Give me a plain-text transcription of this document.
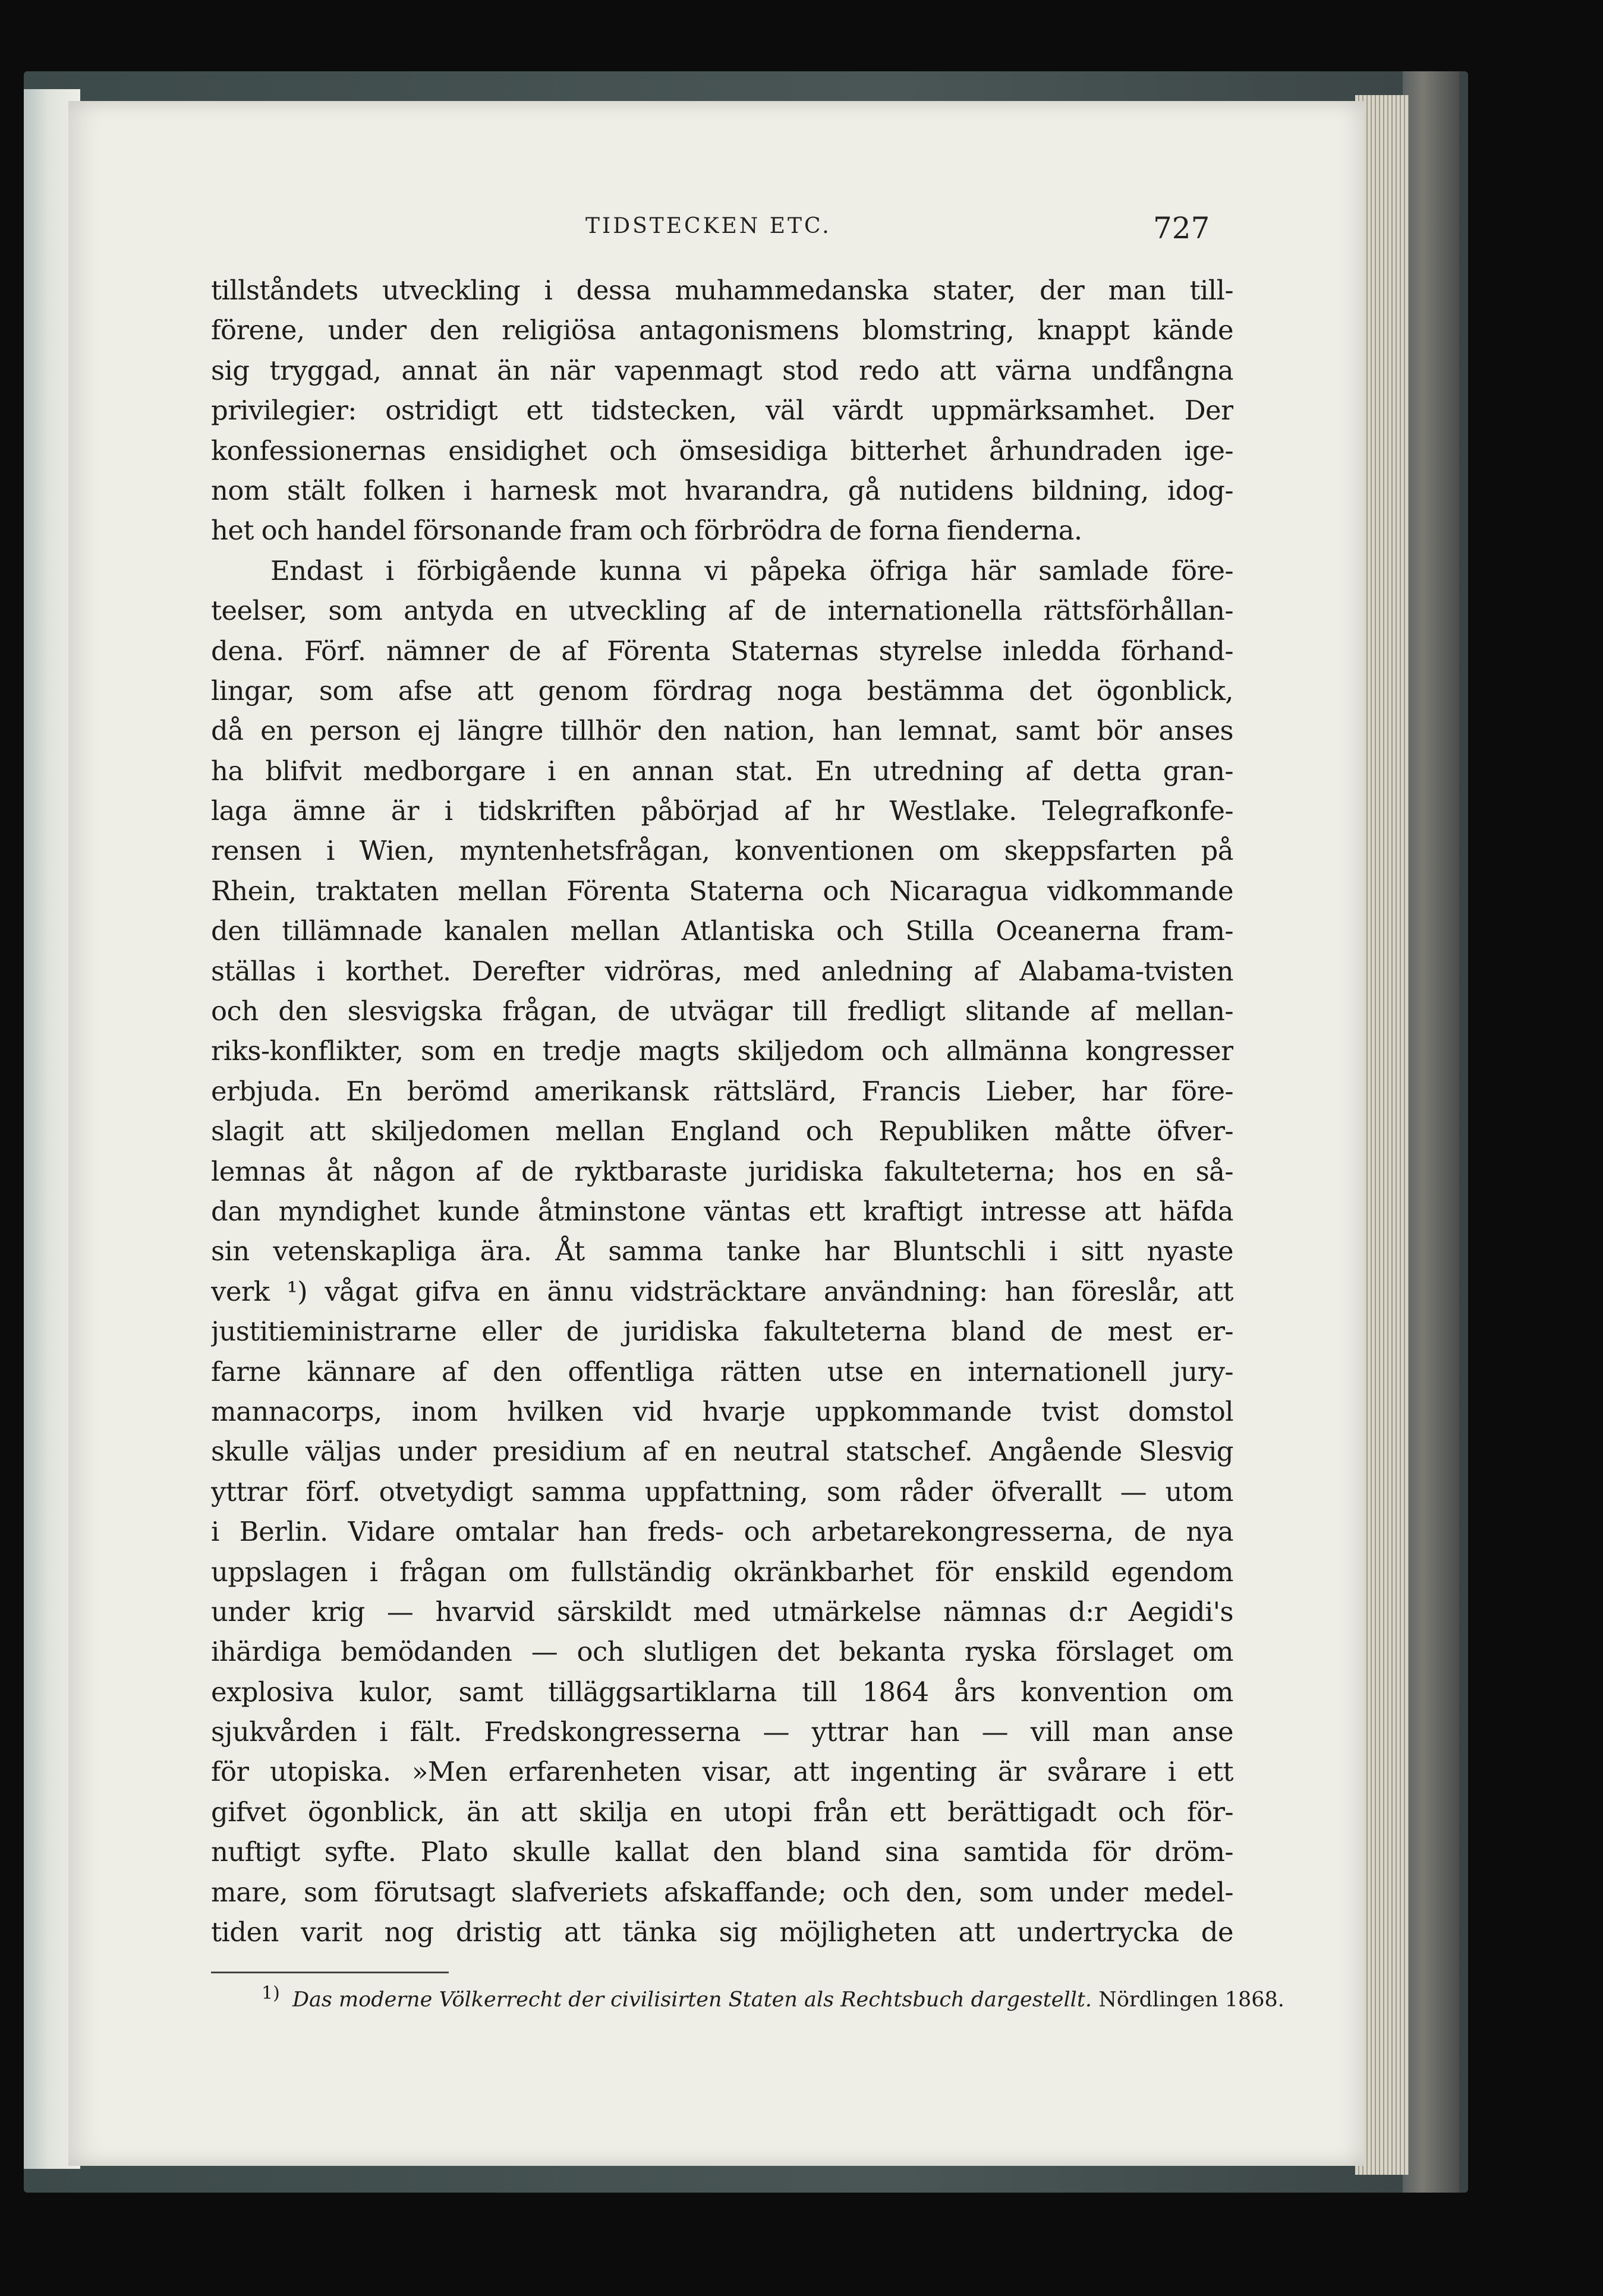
TIDSTECKEN ETC.	727
tillståndets utveckling i dessa muhammedanska stater, der man till-
förene, under den religiösa antagonismens blomstring, knappt kände
sig tryggad, annat än när vapenmagt stod redo att värna undfångna
privilegier: ostridigt ett tidstecken, väl värdt uppmärksamhet. Der
konfessionernas ensidighet och ömsesidiga bitterhet århundraden ige-
nom stält folken i harnesk mot hvarandra, gå nutidens bildning, idog-
het och handel försonande fram och förbrödra de forna fienderna.
Endast i förbigående kunna vi påpeka öfriga här samlade före-
teelser, som antyda en utveckling af de internationella rättsförhållan-
dena. Förf. nämner de af Förenta Staternas styrelse inledda förhand-
lingar, som afse att genom fördrag noga bestämma det ögonblick,
då en person ej längre tillhör den nation, han lemnat, samt bör anses
ha blifvit medborgare i en annan stat. En utredning af detta gran-
laga ämne är i tidskriften påbörjad af hr Westlake. Telegrafkonfe-
rensen i Wien, myntenhetsfrågan, konventionen om skeppsfarten på
Rhein, traktaten mellan Förenta Staterna och Nicaragua vidkommande
den tillämnade kanalen mellan Atlantiska och Stilla Oceanerna fram-
ställas i korthet. Derefter vidröras, med anledning af Alabama-tvisten
och den slesvigska frågan, de utvägar till fredligt slitande af mellan-
riks-konflikter, som en tredje magts skiljedom och allmänna kongresser
erbjuda. En berömd amerikansk rättslärd, Francis Lieber, har före-
slagit att skiljedomen mellan England och Republiken måtte öfver-
lemnas åt någon af de ryktbaraste juridiska fakulteterna; hos en så-
dan myndighet kunde åtminstone väntas ett kraftigt intresse att häfda
sin vetenskapliga ära. Åt samma tanke har Bluntschli i sitt nyaste
verk ¹) vågat gifva en ännu vidsträcktare användning: han föreslår, att
justitieministrarne eller de juridiska fakulteterna bland de mest er-
farne kännare af den offentliga rätten utse en internationell jury-
mannacorps, inom hvilken vid hvarje uppkommande tvist domstol
skulle väljas under presidium af en neutral statschef. Angående Slesvig
yttrar förf. otvetydigt samma uppfattning, som råder öfverallt — utom
i Berlin. Vidare omtalar han freds- och arbetarekongresserna, de nya
uppslagen i frågan om fullständig okränkbarhet för enskild egendom
under krig — hvarvid särskildt med utmärkelse nämnas d:r Aegidi's
ihärdiga bemödanden — och slutligen det bekanta ryska förslaget om
explosiva kulor, samt tilläggsartiklarna till 1864 års konvention om
sjukvården i fält. Fredskongresserna — yttrar han — vill man anse
för utopiska. »Men erfarenheten visar, att ingenting är svårare i ett
gifvet ögonblick, än att skilja en utopi från ett berättigadt och för-
nuftigt syfte. Plato skulle kallat den bland sina samtida för dröm-
mare, som förutsagt slafveriets afskaffande; och den, som under medel-
tiden varit nog dristig att tänka sig möjligheten att undertrycka de
1) Das moderne Völkerrecht der civilisirten Staten als Rechtsbuch dargestellt. Nördlingen 1868.
